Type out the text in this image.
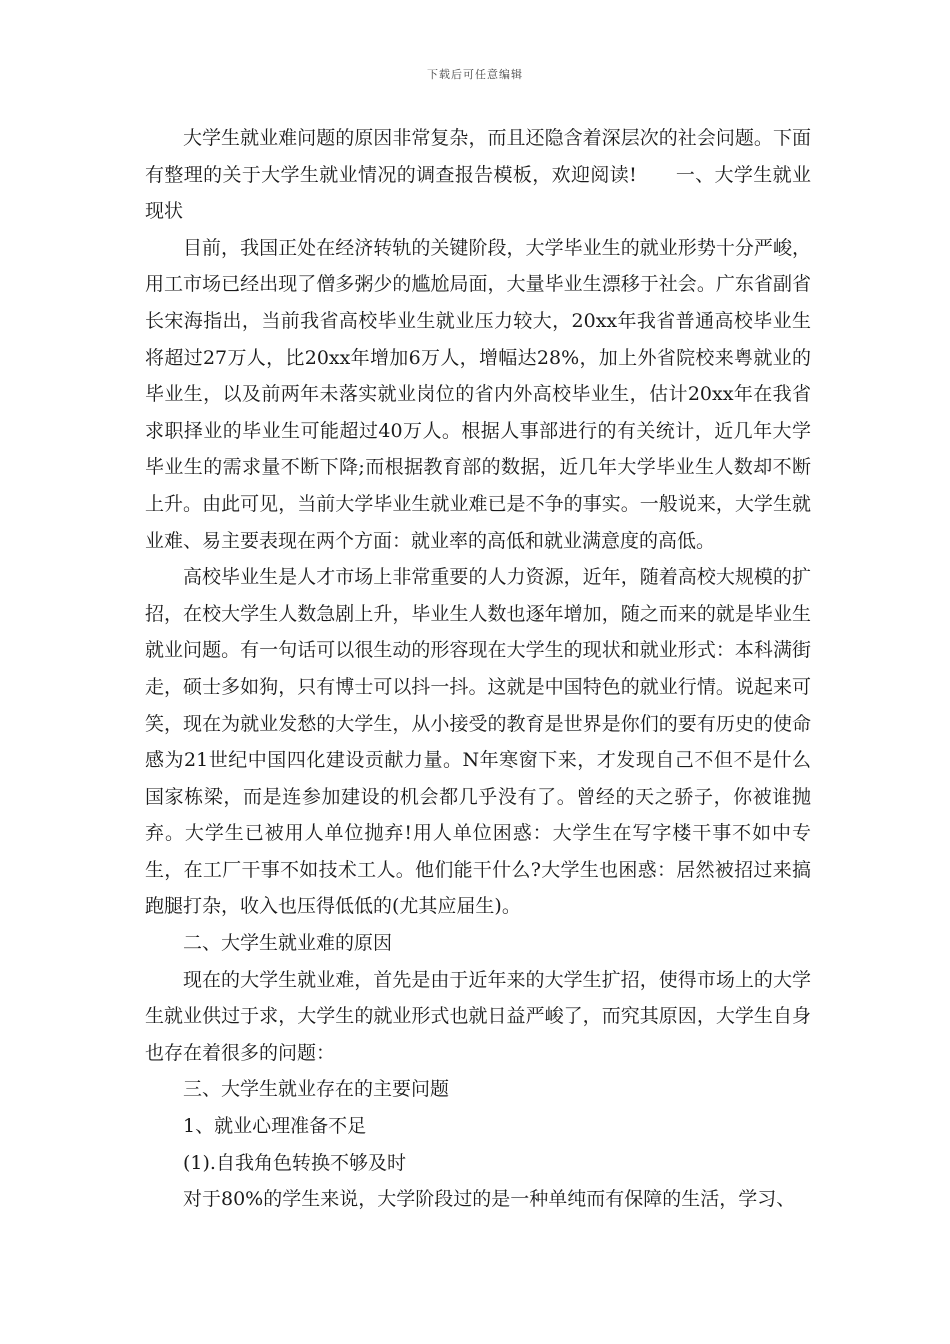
下载后可任意编辑

大学生就业难问题的原因非常复杂，而且还隐含着深层次的社会问题。下面有整理的关于大学生就业情况的调查报告模板，欢迎阅读!　　一、大学生就业现状

目前，我国正处在经济转轨的关键阶段，大学毕业生的就业形势十分严峻，用工市场已经出现了僧多粥少的尴尬局面，大量毕业生漂移于社会。广东省副省长宋海指出，当前我省高校毕业生就业压力较大，20xx年我省普通高校毕业生将超过27万人，比20xx年增加6万人，增幅达28%，加上外省院校来粤就业的毕业生，以及前两年未落实就业岗位的省内外高校毕业生，估计20xx年在我省求职择业的毕业生可能超过40万人。根据人事部进行的有关统计，近几年大学毕业生的需求量不断下降;而根据教育部的数据，近几年大学毕业生人数却不断上升。由此可见，当前大学毕业生就业难已是不争的事实。一般说来，大学生就业难、易主要表现在两个方面：就业率的高低和就业满意度的高低。

高校毕业生是人才市场上非常重要的人力资源，近年，随着高校大规模的扩招，在校大学生人数急剧上升，毕业生人数也逐年增加，随之而来的就是毕业生就业问题。有一句话可以很生动的形容现在大学生的现状和就业形式：本科满街走，硕士多如狗，只有博士可以抖一抖。这就是中国特色的就业行情。说起来可笑，现在为就业发愁的大学生，从小接受的教育是世界是你们的要有历史的使命感为21世纪中国四化建设贡献力量。N年寒窗下来，才发现自己不但不是什么国家栋梁，而是连参加建设的机会都几乎没有了。曾经的天之骄子，你被谁抛弃。大学生已被用人单位抛弃!用人单位困惑：大学生在写字楼干事不如中专生，在工厂干事不如技术工人。他们能干什么?大学生也困惑：居然被招过来搞跑腿打杂，收入也压得低低的(尤其应届生)。

二、大学生就业难的原因

现在的大学生就业难，首先是由于近年来的大学生扩招，使得市场上的大学生就业供过于求，大学生的就业形式也就日益严峻了，而究其原因，大学生自身也存在着很多的问题：

三、大学生就业存在的主要问题

1、就业心理准备不足

(1).自我角色转换不够及时

对于80%的学生来说，大学阶段过的是一种单纯而有保障的生活，学习、
